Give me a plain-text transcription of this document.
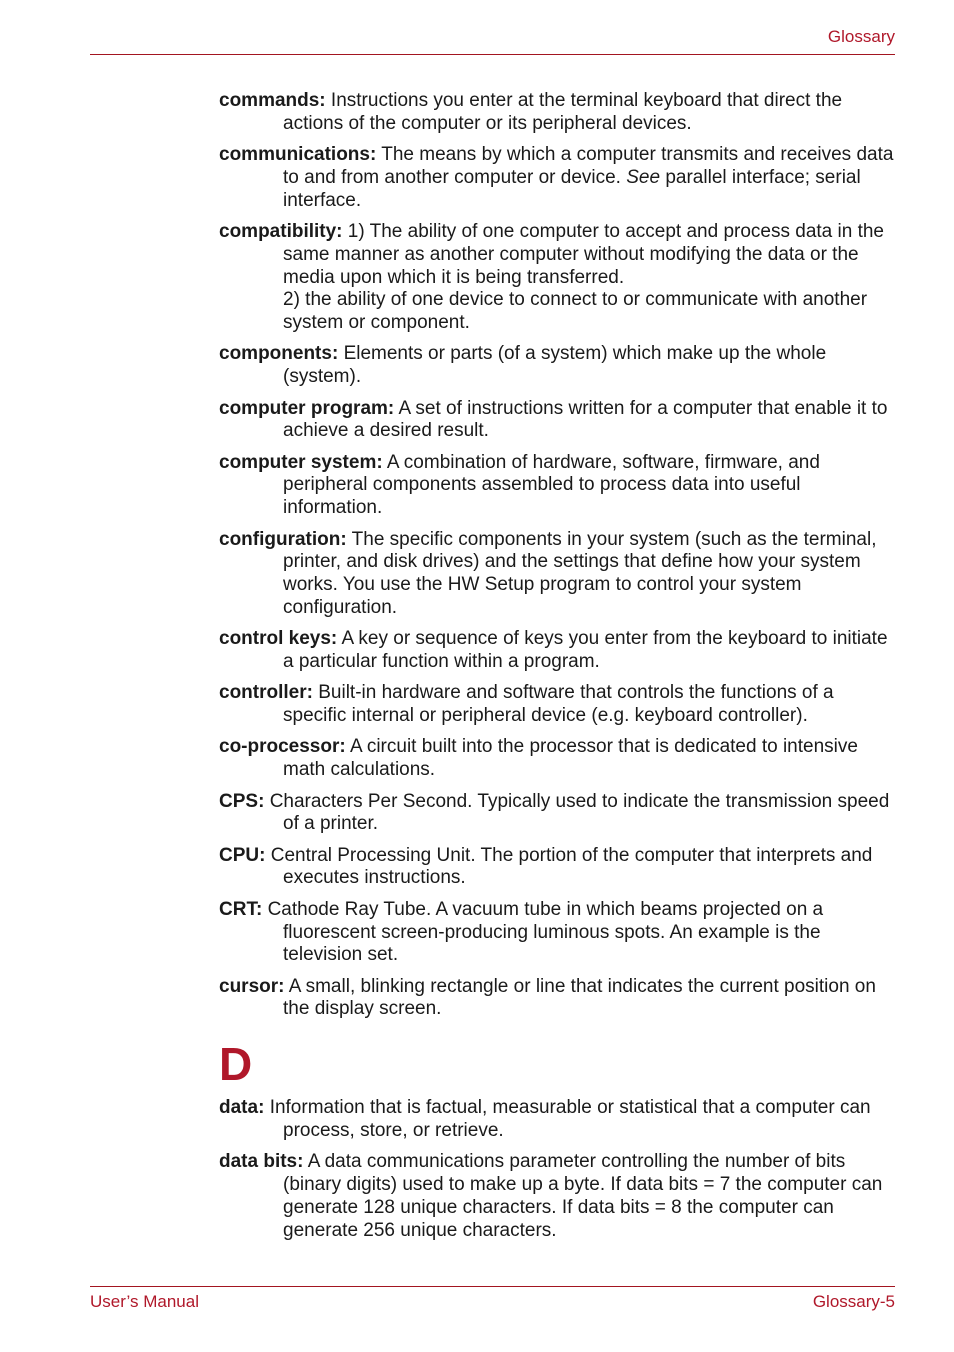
Glossary

commands: Instructions you enter at the terminal keyboard that direct the actions of the computer or its peripheral devices.

communications: The means by which a computer transmits and receives data to and from another computer or device. See parallel interface; serial interface.

compatibility: 1) The ability of one computer to accept and process data in the same manner as another computer without modifying the data or the media upon which it is being transferred.
2) the ability of one device to connect to or communicate with another system or component.

components: Elements or parts (of a system) which make up the whole (system).

computer program: A set of instructions written for a computer that enable it to achieve a desired result.

computer system: A combination of hardware, software, firmware, and peripheral components assembled to process data into useful information.

configuration: The specific components in your system (such as the terminal, printer, and disk drives) and the settings that define how your system works. You use the HW Setup program to control your system configuration.

control keys: A key or sequence of keys you enter from the keyboard to initiate a particular function within a program.

controller: Built-in hardware and software that controls the functions of a specific internal or peripheral device (e.g. keyboard controller).

co-processor: A circuit built into the processor that is dedicated to intensive math calculations.

CPS: Characters Per Second. Typically used to indicate the transmission speed of a printer.

CPU: Central Processing Unit. The portion of the computer that interprets and executes instructions.

CRT: Cathode Ray Tube. A vacuum tube in which beams projected on a fluorescent screen-producing luminous spots. An example is the television set.

cursor: A small, blinking rectangle or line that indicates the current position on the display screen.

D

data: Information that is factual, measurable or statistical that a computer can process, store, or retrieve.

data bits: A data communications parameter controlling the number of bits (binary digits) used to make up a byte. If data bits = 7 the computer can generate 128 unique characters. If data bits = 8 the computer can generate 256 unique characters.

User’s Manual	Glossary-5
